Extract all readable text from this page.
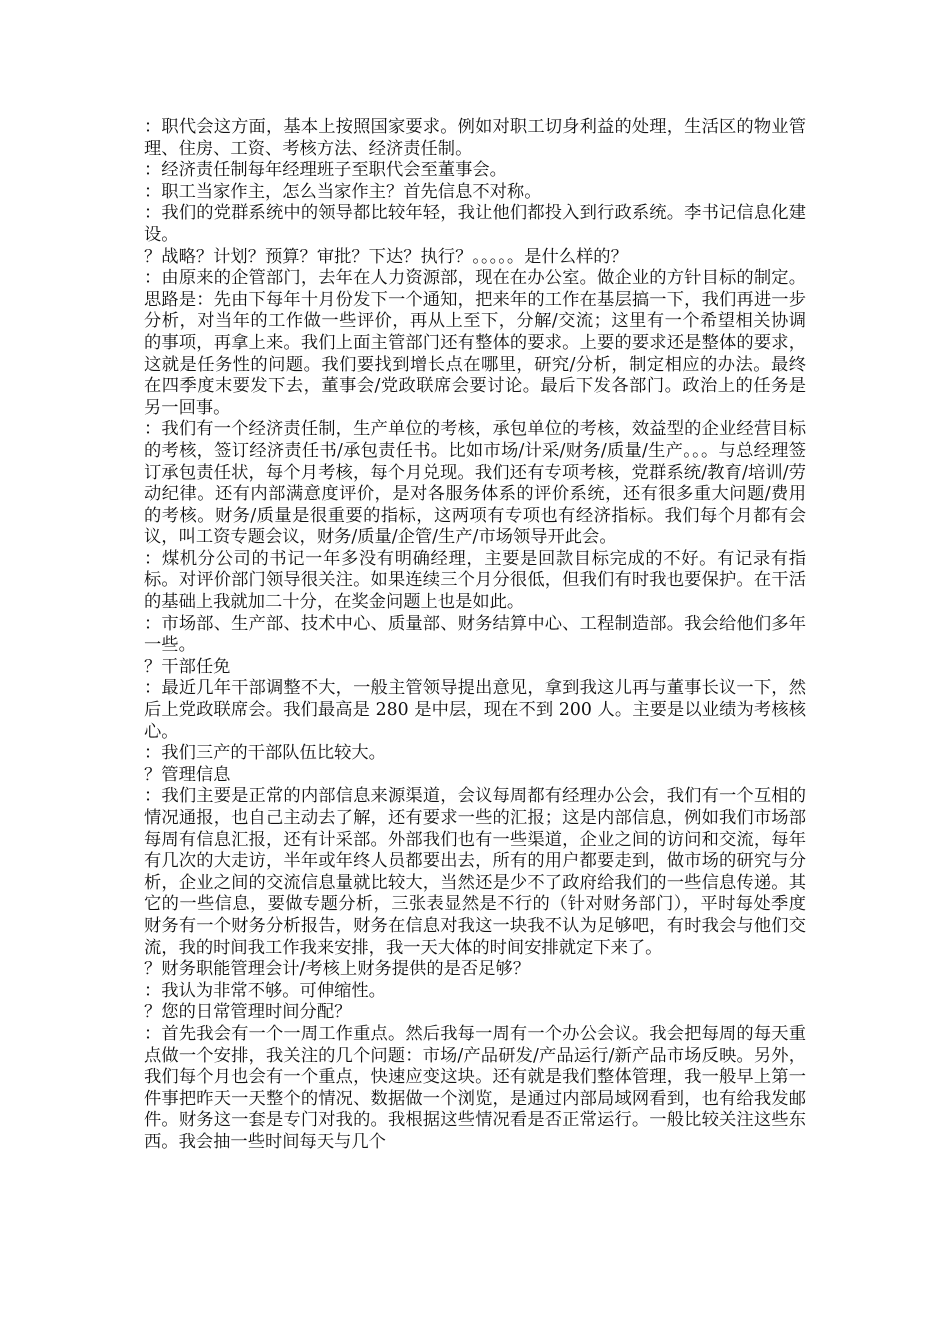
：职代会这方面，基本上按照国家要求。例如对职工切身利益的处理，生活区的物业管理、住房、工资、考核方法、经济责任制。

：经济责任制每年经理班子至职代会至董事会。

：职工当家作主，怎么当家作主？首先信息不对称。

：我们的党群系统中的领导都比较年轻，我让他们都投入到行政系统。李书记信息化建设。

？战略？计划？预算？审批？下达？执行？。。。。。是什么样的？

：由原来的企管部门，去年在人力资源部，现在在办公室。做企业的方针目标的制定。思路是：先由下每年十月份发下一个通知，把来年的工作在基层搞一下，我们再进一步分析，对当年的工作做一些评价，再从上至下，分解/交流；这里有一个希望相关协调的事项，再拿上来。我们上面主管部门还有整体的要求。上要的要求还是整体的要求，这就是任务性的问题。我们要找到增长点在哪里，研究/分析，制定相应的办法。最终在四季度末要发下去，董事会/党政联席会要讨论。最后下发各部门。政治上的任务是另一回事。

：我们有一个经济责任制，生产单位的考核，承包单位的考核，效益型的企业经营目标的考核，签订经济责任书/承包责任书。比如市场/计采/财务/质量/生产。。。与总经理签订承包责任状，每个月考核，每个月兑现。我们还有专项考核，党群系统/教育/培训/劳动纪律。还有内部满意度评价，是对各服务体系的评价系统，还有很多重大问题/费用的考核。财务/质量是很重要的指标，这两项有专项也有经济指标。我们每个月都有会议，叫工资专题会议，财务/质量/企管/生产/市场领导开此会。

：煤机分公司的书记一年多没有明确经理，主要是回款目标完成的不好。有记录有指标。对评价部门领导很关注。如果连续三个月分很低，但我们有时我也要保护。在干活的基础上我就加二十分，在奖金问题上也是如此。

：市场部、生产部、技术中心、质量部、财务结算中心、工程制造部。我会给他们多年一些。

？干部任免

：最近几年干部调整不大，一般主管领导提出意见，拿到我这儿再与董事长议一下，然后上党政联席会。我们最高是 280 是中层，现在不到 200 人。主要是以业绩为考核核心。

：我们三产的干部队伍比较大。

？管理信息

：我们主要是正常的内部信息来源渠道，会议每周都有经理办公会，我们有一个互相的情况通报，也自己主动去了解，还有要求一些的汇报；这是内部信息，例如我们市场部每周有信息汇报，还有计采部。外部我们也有一些渠道，企业之间的访问和交流，每年有几次的大走访，半年或年终人员都要出去，所有的用户都要走到，做市场的研究与分析，企业之间的交流信息量就比较大，当然还是少不了政府给我们的一些信息传递。其它的一些信息，要做专题分析，三张表显然是不行的（针对财务部门），平时每处季度财务有一个财务分析报告，财务在信息对我这一块我不认为足够吧，有时我会与他们交流，我的时间我工作我来安排，我一天大体的时间安排就定下来了。

？财务职能管理会计/考核上财务提供的是否足够？

：我认为非常不够。可伸缩性。

？您的日常管理时间分配？

：首先我会有一个一周工作重点。然后我每一周有一个办公会议。我会把每周的每天重点做一个安排，我关注的几个问题：市场/产品研发/产品运行/新产品市场反映。另外，我们每个月也会有一个重点，快速应变这块。还有就是我们整体管理，我一般早上第一件事把昨天一天整个的情况、数据做一个浏览，是通过内部局域网看到，也有给我发邮件。财务这一套是专门对我的。我根据这些情况看是否正常运行。一般比较关注这些东西。我会抽一些时间每天与几个
